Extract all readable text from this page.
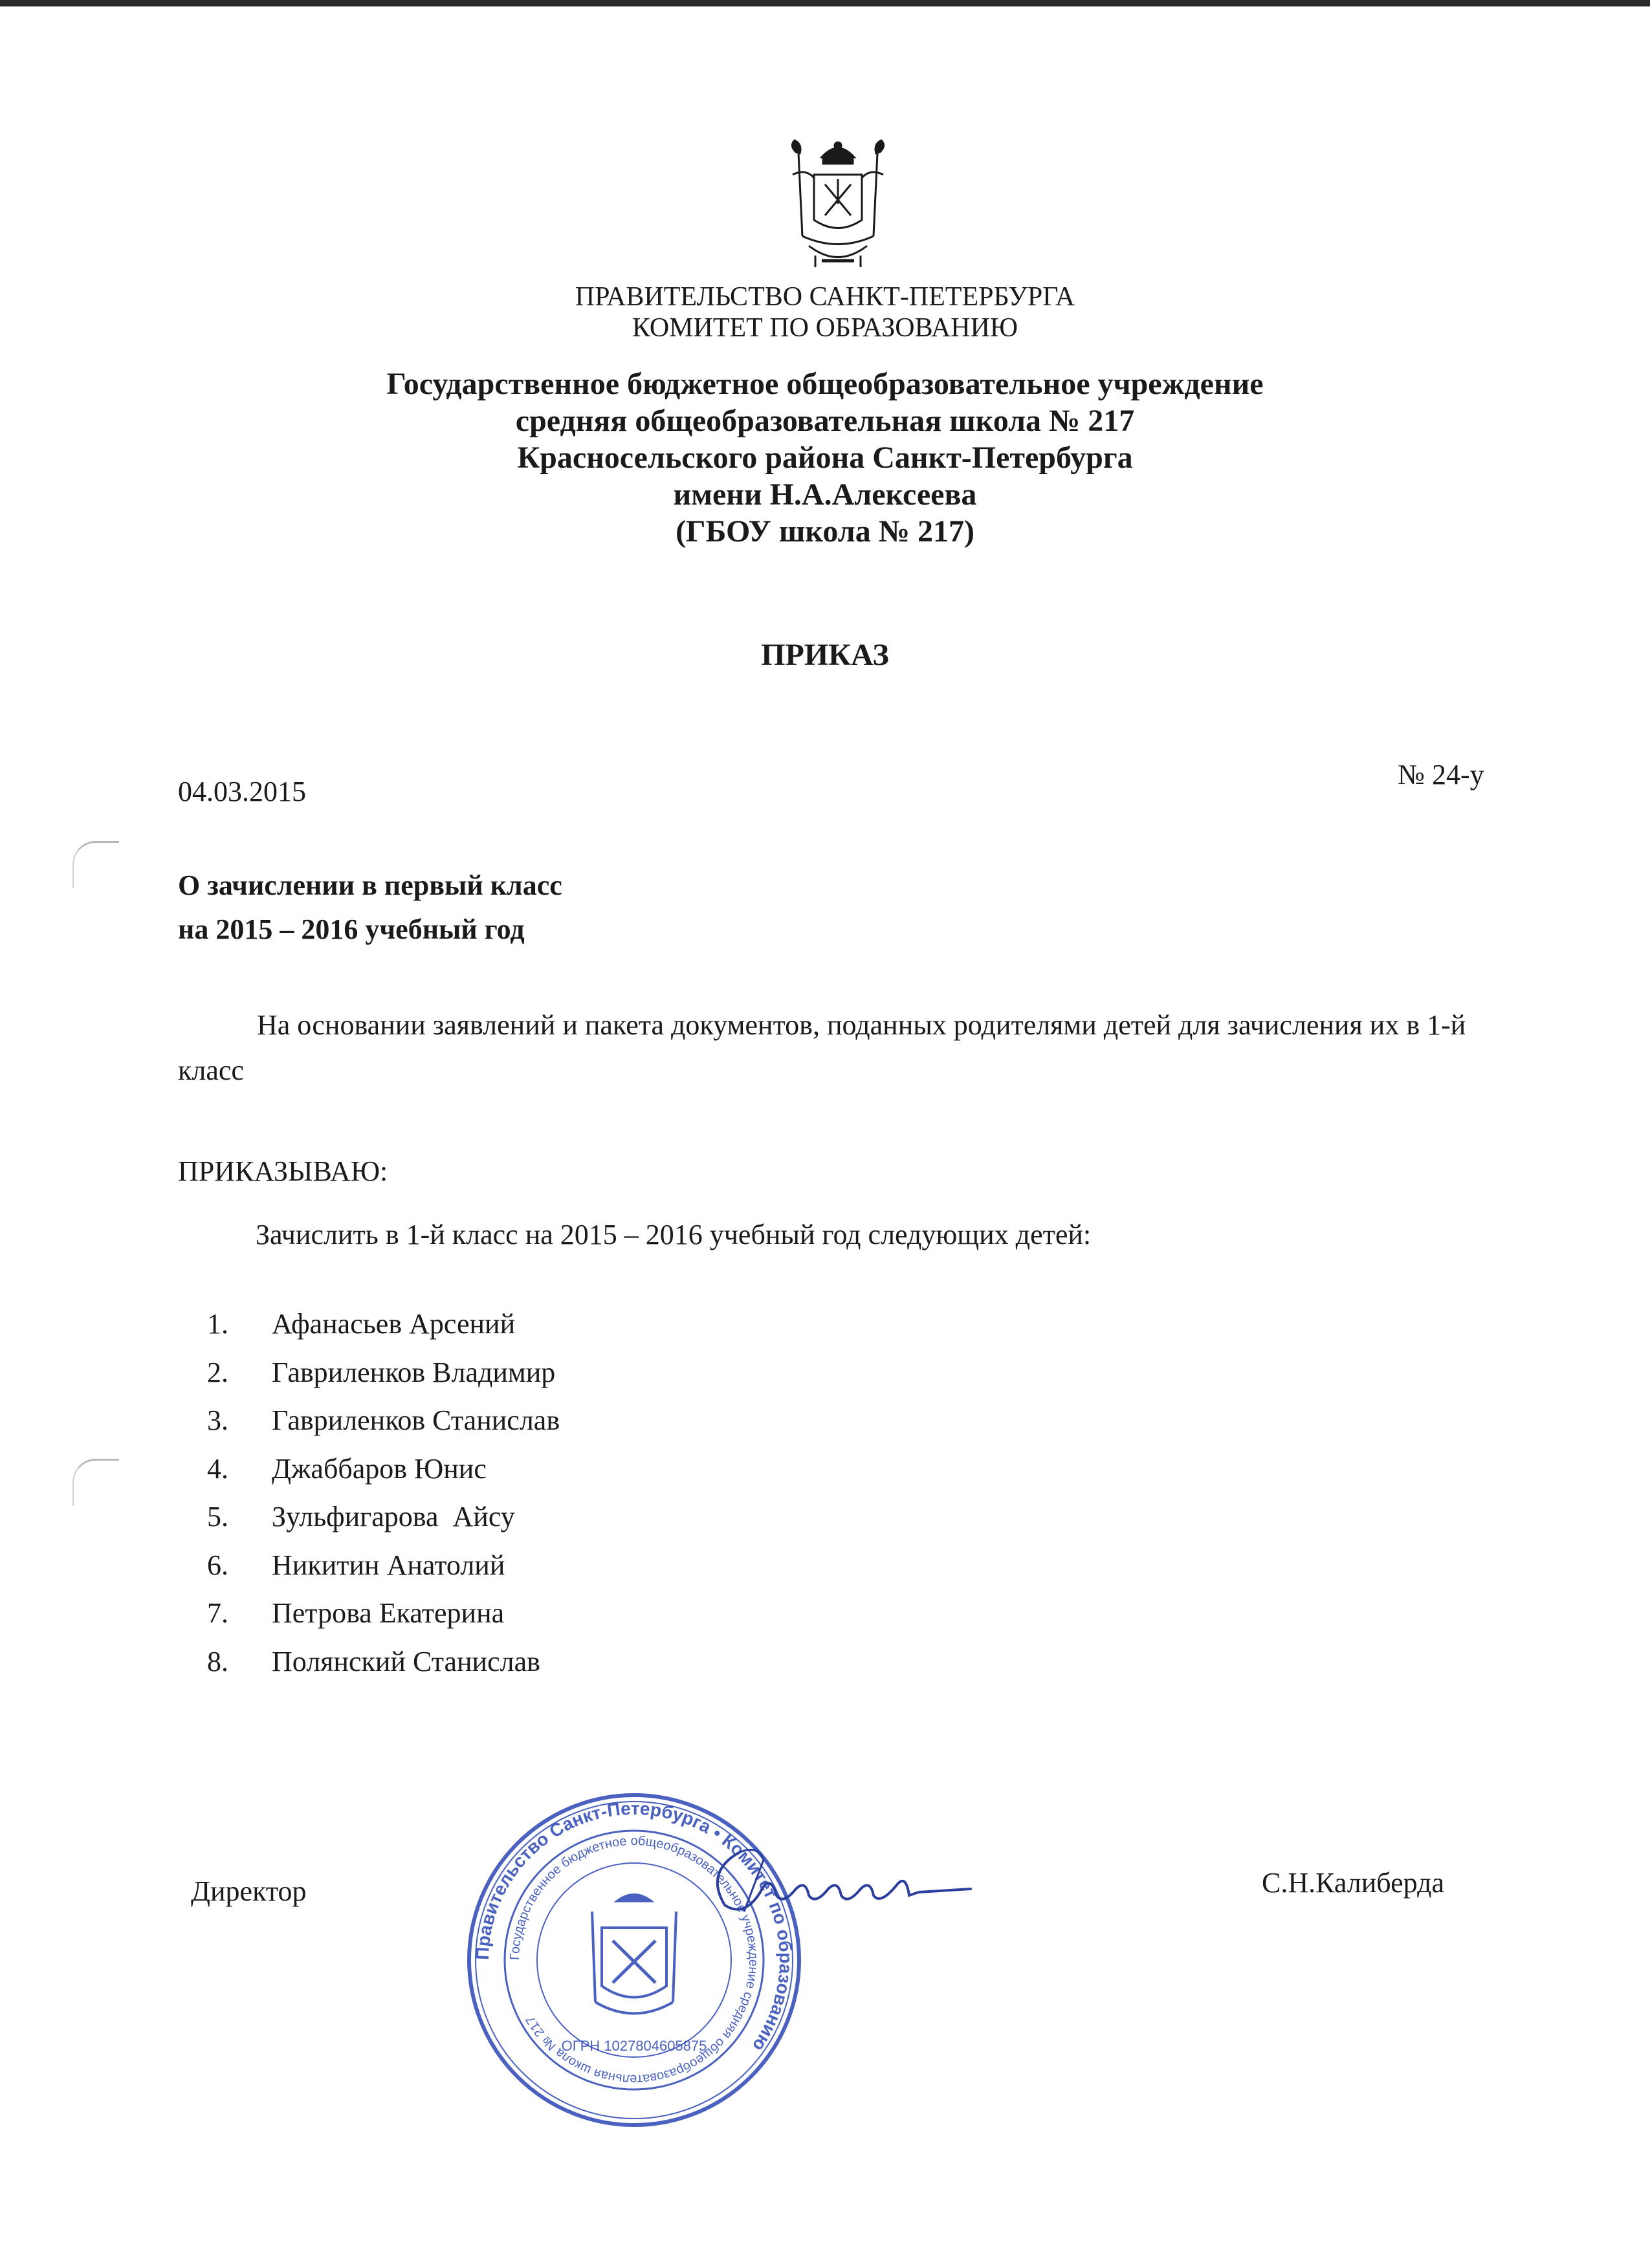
ПРАВИТЕЛЬСТВО САНКТ-ПЕТЕРБУРГА
КОМИТЕТ ПО ОБРАЗОВАНИЮ
Государственное бюджетное общеобразовательное учреждение
средняя общеобразовательная школа № 217
Красносельского района Санкт-Петербурга
имени Н.А.Алексеева
(ГБОУ школа № 217)
ПРИКАЗ
04.03.2015
№ 24-у
О зачислении в первый класс
на 2015 – 2016 учебный год
На основании заявлений и пакета документов, поданных родителями детей для зачисления их в 1-й класс
ПРИКАЗЫВАЮ:
Зачислить в 1-й класс на 2015 – 2016 учебный год следующих детей:
1. Афанасьев Арсений
2. Гавриленков Владимир
3. Гавриленков Станислав
4. Джаббаров Юнис
5. Зульфигарова  Айсу
6. Никитин Анатолий
7. Петрова Екатерина
8. Полянский Станислав
Директор	С.Н.Калиберда
Правительство Санкт-Петербурга • Комитет по образованию
Государственное бюджетное общеобразовательное учреждение средняя общеобразовательная школа № 217
ОГРН 1027804605875
